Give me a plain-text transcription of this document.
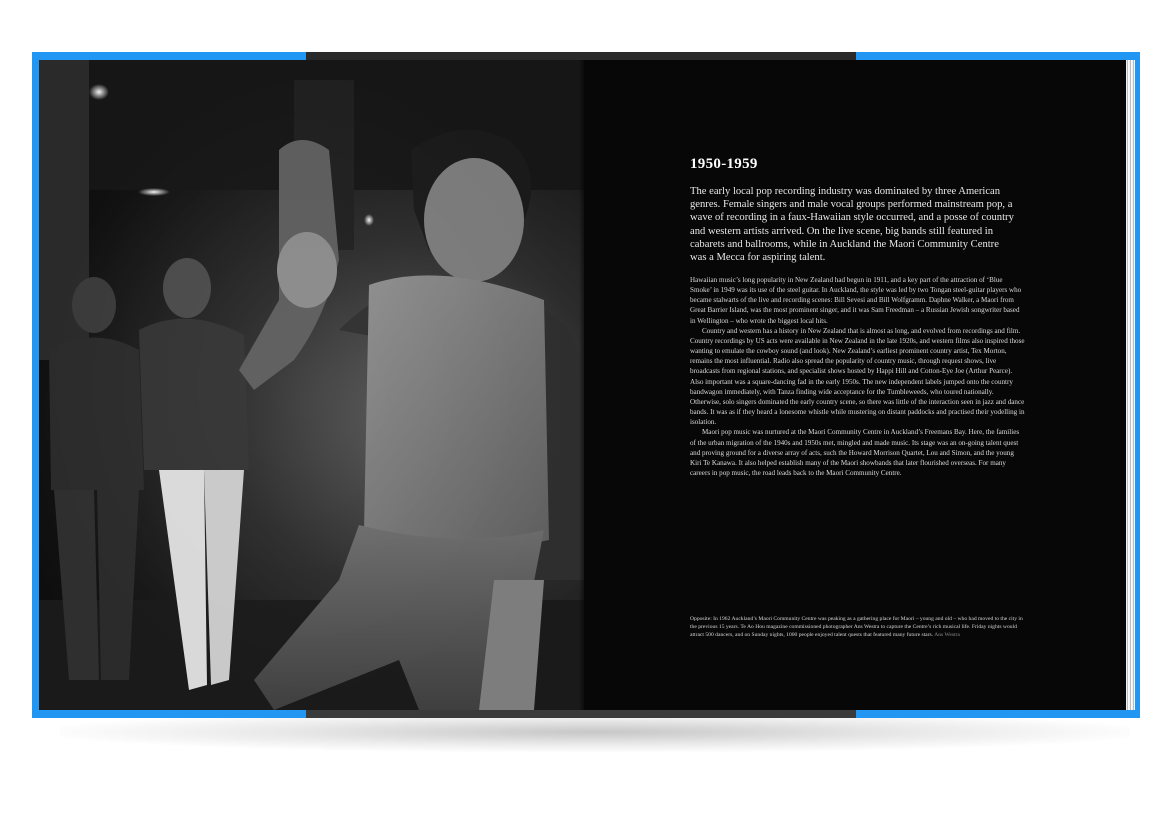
1950-1959
The early local pop recording industry was dominated by three American genres. Female singers and male vocal groups performed mainstream pop, a wave of recording in a faux-Hawaiian style occurred, and a posse of country and western artists arrived. On the live scene, big bands still featured in cabarets and ballrooms, while in Auckland the Maori Community Centre was a Mecca for aspiring talent.

Hawaiian music’s long popularity in New Zealand had begun in 1911, and a key part of the attraction of ‘Blue Smoke’ in 1949 was its use of the steel guitar. In Auckland, the style was led by two Tongan steel-guitar players who became stalwarts of the live and recording scenes: Bill Sevesi and Bill Wolfgramm. Daphne Walker, a Maori from Great Barrier Island, was the most prominent singer, and it was Sam Freedman – a Russian Jewish songwriter based in Wellington – who wrote the biggest local hits.

Country and western has a history in New Zealand that is almost as long, and evolved from recordings and film. Country recordings by US acts were available in New Zealand in the late 1920s, and western films also inspired those wanting to emulate the cowboy sound (and look). New Zealand’s earliest prominent country artist, Tex Morton, remains the most influential. Radio also spread the popularity of country music, through request shows, live broadcasts from regional stations, and specialist shows hosted by Happi Hill and Cotton-Eye Joe (Arthur Pearce). Also important was a square-dancing fad in the early 1950s. The new independent labels jumped onto the country bandwagon immediately, with Tanza finding wide acceptance for the Tumbleweeds, who toured nationally. Otherwise, solo singers dominated the early country scene, so there was little of the interaction seen in jazz and dance bands. It was as if they heard a lonesome whistle while mustering on distant paddocks and practised their yodelling in isolation.

Maori pop music was nurtured at the Maori Community Centre in Auckland’s Freemans Bay. Here, the families of the urban migration of the 1940s and 1950s met, mingled and made music. Its stage was an on-going talent quest and proving ground for a diverse array of acts, such the Howard Morrison Quartet, Lou and Simon, and the young Kiri Te Kanawa. It also helped establish many of the Maori showbands that later flourished overseas. For many careers in pop music, the road leads back to the Maori Community Centre.

Opposite: In 1962 Auckland’s Maori Community Centre was peaking as a gathering place for Maori – young and old – who had moved to the city in the previous 15 years. Te Ao Hou magazine commissioned photographer Ans Westra to capture the Centre’s rich musical life. Friday nights would attract 500 dancers, and on Sunday nights, 1000 people enjoyed talent quests that featured many future stars. Ans Westra
